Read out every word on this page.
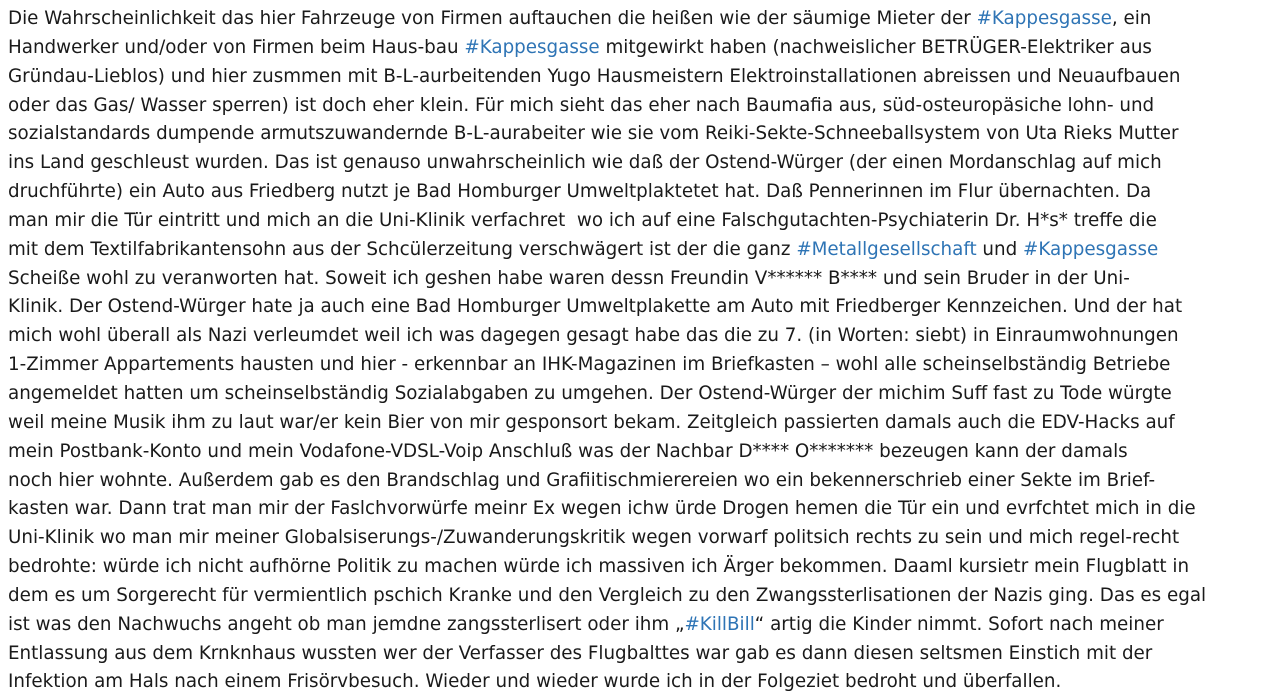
Die Wahrscheinlichkeit das hier Fahrzeuge von Firmen auftauchen die heißen wie der säumige Mieter der #Kappesgasse, ein
Handwerker und/oder von Firmen beim Haus-bau #Kappesgasse mitgewirkt haben (nachweislicher BETRÜGER-Elektriker aus
Gründau-Lieblos) und hier zusmmen mit B-L-aurbeitenden Yugo Hausmeistern Elektroinstallationen abreissen und Neuaufbauen
oder das Gas/ Wasser sperren) ist doch eher klein. Für mich sieht das eher nach Baumafia aus, süd-osteuropäsiche lohn- und
sozialstandards dumpende armutszuwandernde B-L-aurabeiter wie sie vom Reiki-Sekte-Schneeballsystem von Uta Rieks Mutter
ins Land geschleust wurden. Das ist genauso unwahrscheinlich wie daß der Ostend-Würger (der einen Mordanschlag auf mich
druchführte) ein Auto aus Friedberg nutzt je Bad Homburger Umweltplaktetet hat. Daß Pennerinnen im Flur übernachten. Da
man mir die Tür eintritt und mich an die Uni-Klinik verfachret  wo ich auf eine Falschgutachten-Psychiaterin Dr. H*s* treffe die
mit dem Textilfabrikantensohn aus der Schcülerzeitung verschwägert ist der die ganz #Metallgesellschaft und #Kappesgasse
Scheiße wohl zu veranworten hat. Soweit ich geshen habe waren dessn Freundin V****** B**** und sein Bruder in der Uni-
Klinik. Der Ostend-Würger hate ja auch eine Bad Homburger Umweltplakette am Auto mit Friedberger Kennzeichen. Und der hat
mich wohl überall als Nazi verleumdet weil ich was dagegen gesagt habe das die zu 7. (in Worten: siebt) in Einraumwohnungen
1-Zimmer Appartements hausten und hier - erkennbar an IHK-Magazinen im Briefkasten – wohl alle scheinselbständig Betriebe
angemeldet hatten um scheinselbständig Sozialabgaben zu umgehen. Der Ostend-Würger der michim Suff fast zu Tode würgte
weil meine Musik ihm zu laut war/er kein Bier von mir gesponsort bekam. Zeitgleich passierten damals auch die EDV-Hacks auf
mein Postbank-Konto und mein Vodafone-VDSL-Voip Anschluß was der Nachbar D**** O******* bezeugen kann der damals
noch hier wohnte. Außerdem gab es den Brandschlag und Grafiitischmierereien wo ein bekennerschrieb einer Sekte im Brief-
kasten war. Dann trat man mir der Faslchvorwürfe meinr Ex wegen ichw ürde Drogen hemen die Tür ein und evrfchtet mich in die
Uni-Klinik wo man mir meiner Globalsiserungs-/Zuwanderungskritik wegen vorwarf politsich rechts zu sein und mich regel-recht
bedrohte: würde ich nicht aufhörne Politik zu machen würde ich massiven ich Ärger bekommen. Daaml kursietr mein Flugblatt in
dem es um Sorgerecht für vermientlich pschich Kranke und den Vergleich zu den Zwangssterlisationen der Nazis ging. Das es egal
ist was den Nachwuchs angeht ob man jemdne zangssterlisert oder ihm „#KillBill“ artig die Kinder nimmt. Sofort nach meiner
Entlassung aus dem Krnknhaus wussten wer der Verfasser des Flugbalttes war gab es dann diesen seltsmen Einstich mit der
Infektion am Hals nach einem Frisörvbesuch. Wieder und wieder wurde ich in der Folgeziet bedroht und überfallen.
